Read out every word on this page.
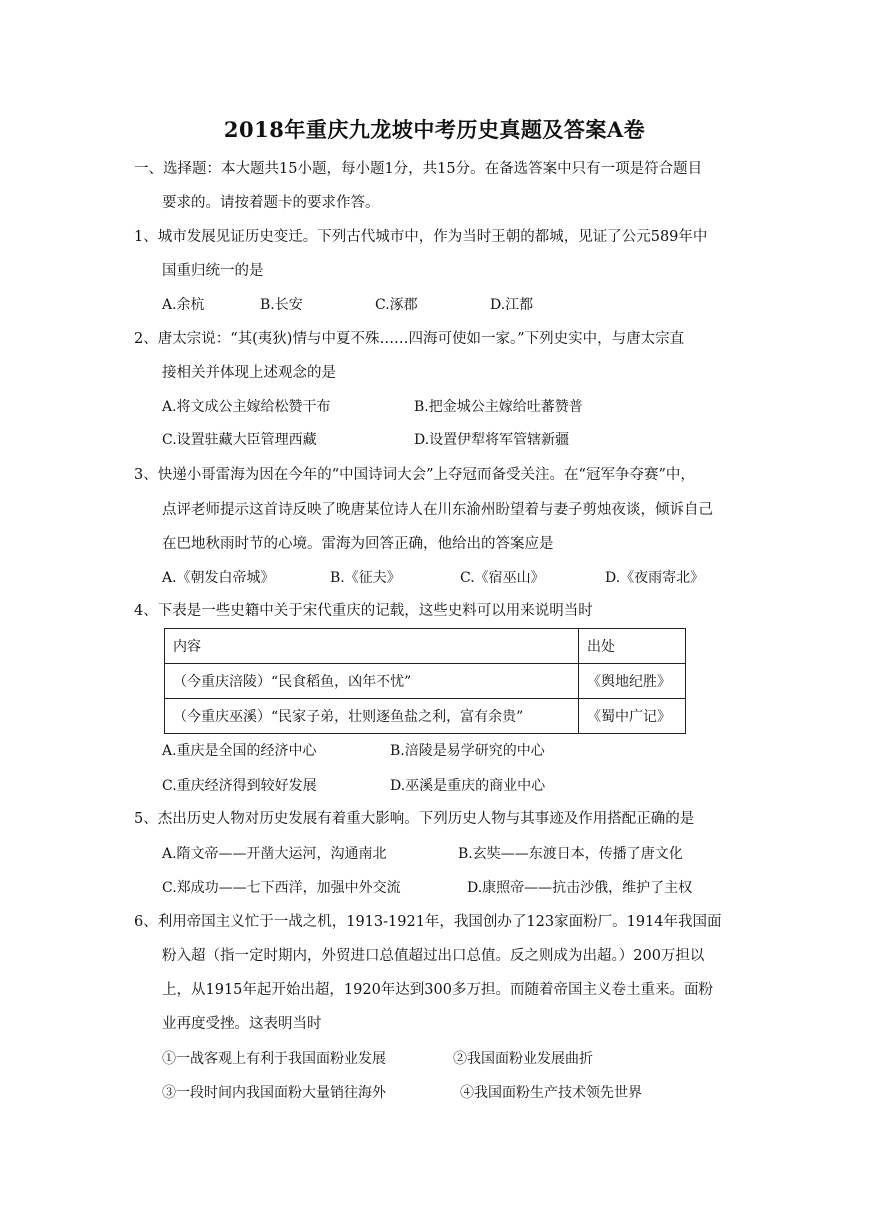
2018年重庆九龙坡中考历史真题及答案A卷
一、选择题：本大题共15小题，每小题1分，共15分。在备选答案中只有一项是符合题目
要求的。请按着题卡的要求作答。
1、城市发展见证历史变迁。下列古代城市中，作为当时王朝的都城，见证了公元589年中
国重归统一的是
A.余杭	B.长安	C.涿郡	D.江都
2、唐太宗说：“其(夷狄)情与中夏不殊……四海可使如一家。”下列史实中，与唐太宗直
接相关并体现上述观念的是
A.将文成公主嫁给松赞干布	B.把金城公主嫁给吐蕃赞普
C.设置驻藏大臣管理西藏	D.设置伊犁将军管辖新疆
3、快递小哥雷海为因在今年的“中国诗词大会”上夺冠而备受关注。在“冠军争夺赛”中，
点评老师提示这首诗反映了晚唐某位诗人在川东渝州盼望着与妻子剪烛夜谈，倾诉自己
在巴地秋雨时节的心境。雷海为回答正确，他给出的答案应是
A.《朝发白帝城》	B.《征夫》	C.《宿巫山》	D.《夜雨寄北》
4、下表是一些史籍中关于宋代重庆的记载，这些史料可以用来说明当时
内容	出处
（今重庆涪陵）“民食稻鱼，凶年不忧”	《舆地纪胜》
（今重庆巫溪）“民家子弟，壮则逐鱼盐之利，富有余贵”	《蜀中广记》
A.重庆是全国的经济中心	B.涪陵是易学研究的中心
C.重庆经济得到较好发展	D.巫溪是重庆的商业中心
5、杰出历史人物对历史发展有着重大影响。下列历史人物与其事迹及作用搭配正确的是
A.隋文帝——开凿大运河，沟通南北	B.玄奘——东渡日本，传播了唐文化
C.郑成功——七下西洋，加强中外交流	D.康照帝——抗击沙俄，维护了主权
6、利用帝国主义忙于一战之机，1913-1921年，我国创办了123家面粉厂。1914年我国面
粉入超（指一定时期内，外贸进口总值超过出口总值。反之则成为出超。）200万担以
上，从1915年起开始出超，1920年达到300多万担。而随着帝国主义卷土重来。面粉
业再度受挫。这表明当时
①一战客观上有利于我国面粉业发展	②我国面粉业发展曲折
③一段时间内我国面粉大量销往海外	④我国面粉生产技术领先世界
